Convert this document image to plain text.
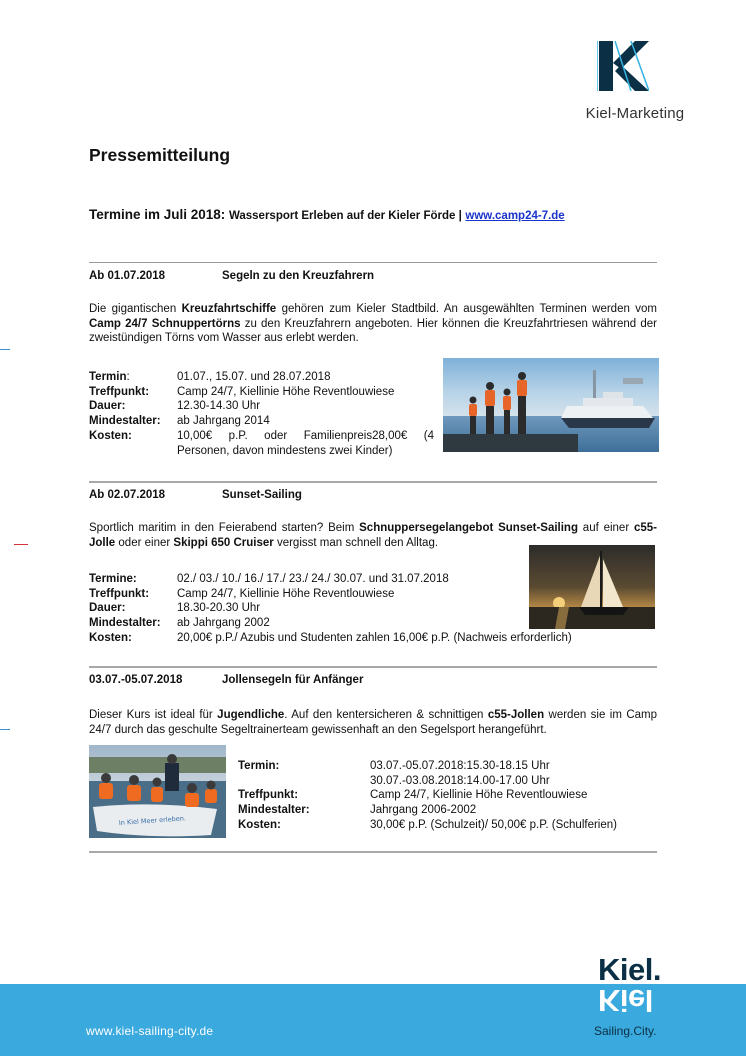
Kiel-Marketing
Pressemitteilung
Termine im Juli 2018: Wassersport Erleben auf der Kieler Förde | www.camp24-7.de
Ab 01.07.2018	Segeln zu den Kreuzfahrern
Die gigantischen Kreuzfahrtschiffe gehören zum Kieler Stadtbild. An ausgewählten Terminen werden vom Camp 24/7 Schnuppertörns zu den Kreuzfahrern angeboten. Hier können die Kreuzfahrtriesen während der zweistündigen Törns vom Wasser aus erlebt werden.
Termin:	01.07., 15.07. und 28.07.2018
Treffpunkt:	Camp 24/7, Kiellinie Höhe Reventlouwiese
Dauer:	12.30-14.30 Uhr
Mindestalter:	ab Jahrgang 2014
Kosten:	10,00€ p.P. oder Familienpreis28,00€ (4 Personen, davon mindestens zwei Kinder)
Ab 02.07.2018	Sunset-Sailing
Sportlich maritim in den Feierabend starten? Beim Schnuppersegelangebot Sunset-Sailing auf einer c55-Jolle oder einer Skippi 650 Cruiser vergisst man schnell den Alltag.
Termine:	02./ 03./ 10./ 16./ 17./ 23./ 24./ 30.07. und 31.07.2018
Treffpunkt:	Camp 24/7, Kiellinie Höhe Reventlouwiese
Dauer:	18.30-20.30 Uhr
Mindestalter:	ab Jahrgang 2002
Kosten:	20,00€ p.P./ Azubis und Studenten zahlen 16,00€ p.P. (Nachweis erforderlich)
03.07.-05.07.2018	Jollensegeln für Anfänger
Dieser Kurs ist ideal für Jugendliche. Auf den kentersicheren & schnittigen c55-Jollen werden sie im Camp 24/7 durch das geschulte Segeltrainerteam gewissenhaft an den Segelsport herangeführt.
In Kiel Meer erleben.
Termin:	03.07.-05.07.2018:15.30-18.15 Uhr
30.07.-03.08.2018:14.00-17.00 Uhr
Treffpunkt:	Camp 24/7, Kiellinie Höhe Reventlouwiese
Mindestalter:	Jahrgang 2006-2002
Kosten:	30,00€ p.P. (Schulzeit)/ 50,00€ p.P. (Schulferien)
www.kiel-sailing-city.de
Kiel.
Kiel
Sailing.City.
